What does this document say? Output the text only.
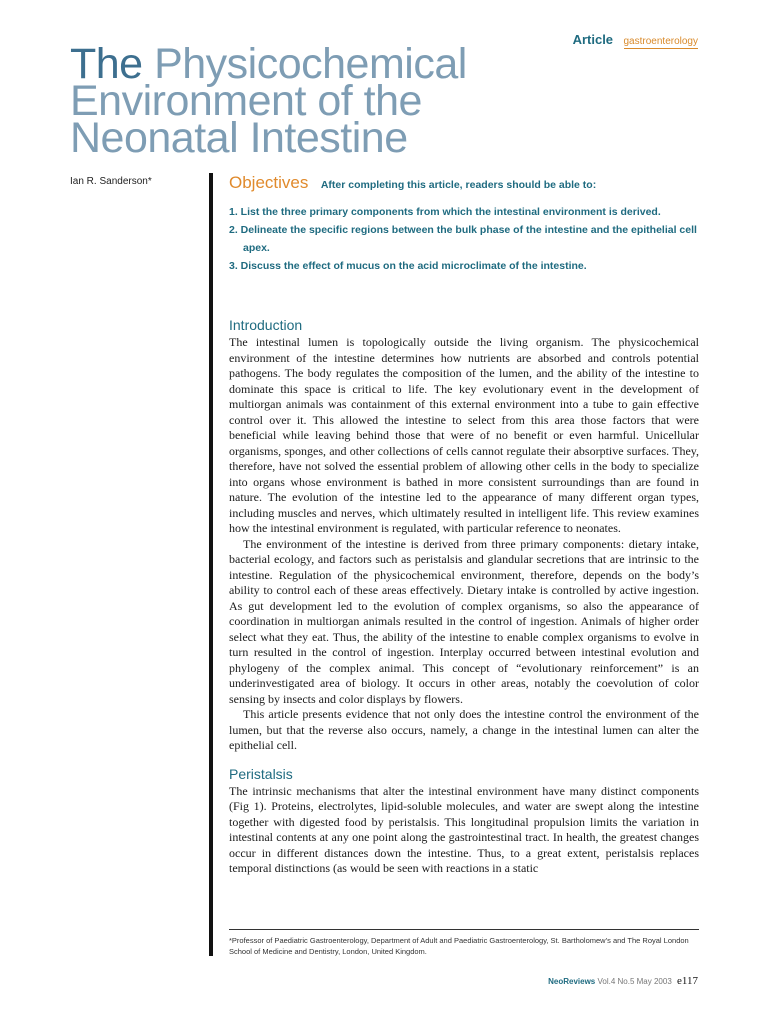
Article gastroenterology
The Physicochemical Environment of the Neonatal Intestine
Ian R. Sanderson*	Objectives After completing this article, readers should be able to:
1. List the three primary components from which the intestinal environment is derived.
2. Delineate the specific regions between the bulk phase of the intestine and the epithelial cell apex.
3. Discuss the effect of mucus on the acid microclimate of the intestine.
Introduction

The intestinal lumen is topologically outside the living organism. The physicochemical environment of the intestine determines how nutrients are absorbed and controls potential pathogens. The body regulates the composition of the lumen, and the ability of the intestine to dominate this space is critical to life. The key evolutionary event in the development of multiorgan animals was containment of this external environment into a tube to gain effective control over it. This allowed the intestine to select from this area those factors that were beneficial while leaving behind those that were of no benefit or even harmful. Unicellular organisms, sponges, and other collections of cells cannot regulate their absorptive surfaces. They, therefore, have not solved the essential problem of allowing other cells in the body to specialize into organs whose environment is bathed in more consistent surroundings than are found in nature. The evolution of the intestine led to the appearance of many different organ types, including muscles and nerves, which ultimately resulted in intelligent life. This review examines how the intestinal environment is regulated, with particular reference to neonates.

The environment of the intestine is derived from three primary components: dietary intake, bacterial ecology, and factors such as peristalsis and glandular secretions that are intrinsic to the intestine. Regulation of the physicochemical environment, therefore, depends on the body’s ability to control each of these areas effectively. Dietary intake is controlled by active ingestion. As gut development led to the evolution of complex organisms, so also the appearance of coordination in multiorgan animals resulted in the control of ingestion. Animals of higher order select what they eat. Thus, the ability of the intestine to enable complex organisms to evolve in turn resulted in the control of ingestion. Interplay occurred between intestinal evolution and phylogeny of the complex animal. This concept of “evolutionary reinforcement” is an underinvestigated area of biology. It occurs in other areas, notably the coevolution of color sensing by insects and color displays by flowers.

This article presents evidence that not only does the intestine control the environment of the lumen, but that the reverse also occurs, namely, a change in the intestinal lumen can alter the epithelial cell.

Peristalsis

The intrinsic mechanisms that alter the intestinal environment have many distinct components (Fig 1). Proteins, electrolytes, lipid-soluble molecules, and water are swept along the intestine together with digested food by peristalsis. This longitudinal propulsion limits the variation in intestinal contents at any one point along the gastrointestinal tract. In health, the greatest changes occur in different distances down the intestine. Thus, to a great extent, peristalsis replaces temporal distinctions (as would be seen with reactions in a static

*Professor of Paediatric Gastroenterology, Department of Adult and Paediatric Gastroenterology, St. Bartholomew’s and The Royal London School of Medicine and Dentistry, London, United Kingdom.
NeoReviews Vol.4 No.5 May 2003 e117
